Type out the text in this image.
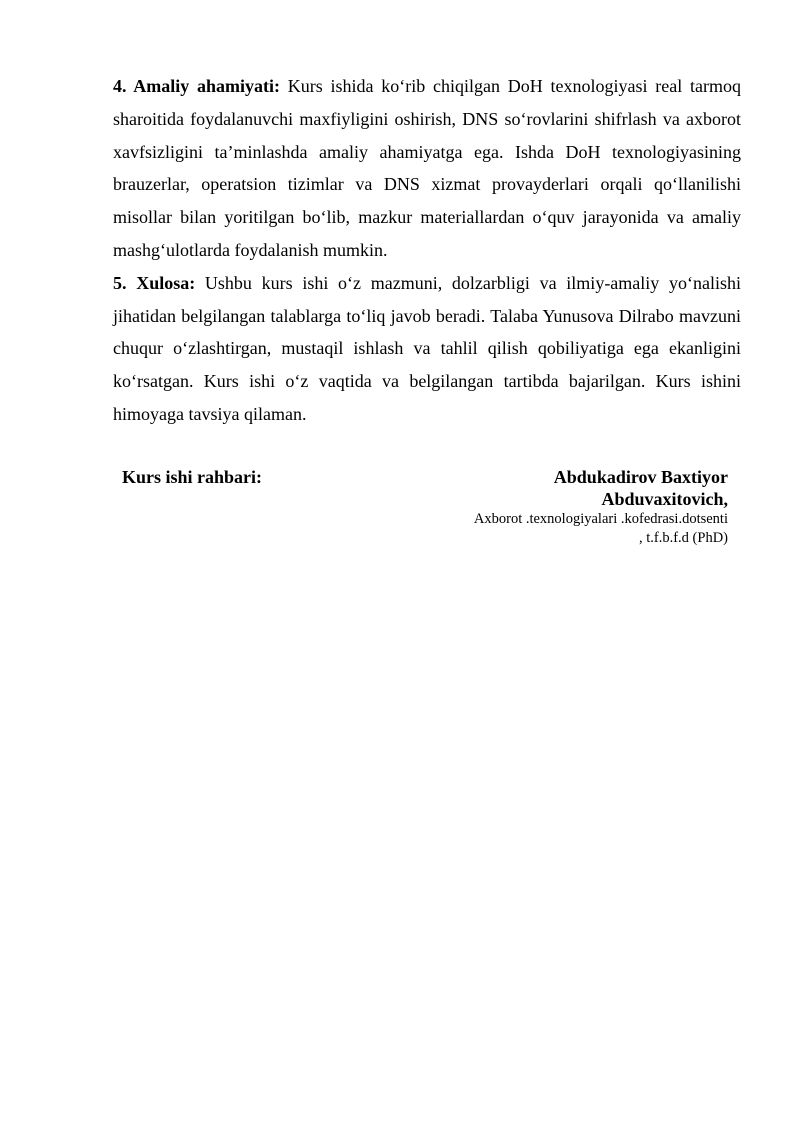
4. Amaliy ahamiyati: Kurs ishida ko‘rib chiqilgan DoH texnologiyasi real tarmoq sharoitida foydalanuvchi maxfiyligini oshirish, DNS so‘rovlarini shifrlash va axborot xavfsizligini ta’minlashda amaliy ahamiyatga ega. Ishda DoH texnologiyasining brauzerlar, operatsion tizimlar va DNS xizmat provayderlari orqali qo‘llanilishi misollar bilan yoritilgan bo‘lib, mazkur materiallardan o‘quv jarayonida va amaliy mashg‘ulotlarda foydalanish mumkin.

5. Xulosa: Ushbu kurs ishi o‘z mazmuni, dolzarbligi va ilmiy-amaliy yo‘nalishi jihatidan belgilangan talablarga to‘liq javob beradi. Talaba Yunusova Dilrabo mavzuni chuqur o‘zlashtirgan, mustaqil ishlash va tahlil qilish qobiliyatiga ega ekanligini ko‘rsatgan. Kurs ishi o‘z vaqtida va belgilangan tartibda bajarilgan. Kurs ishini himoyaga tavsiya qilaman.

Kurs ishi rahbari:	Abdukadirov Baxtiyor

Abduvaxitovich,

Axborot .texnologiyalari .kofedrasi.dotsenti

, t.f.b.f.d (PhD)
